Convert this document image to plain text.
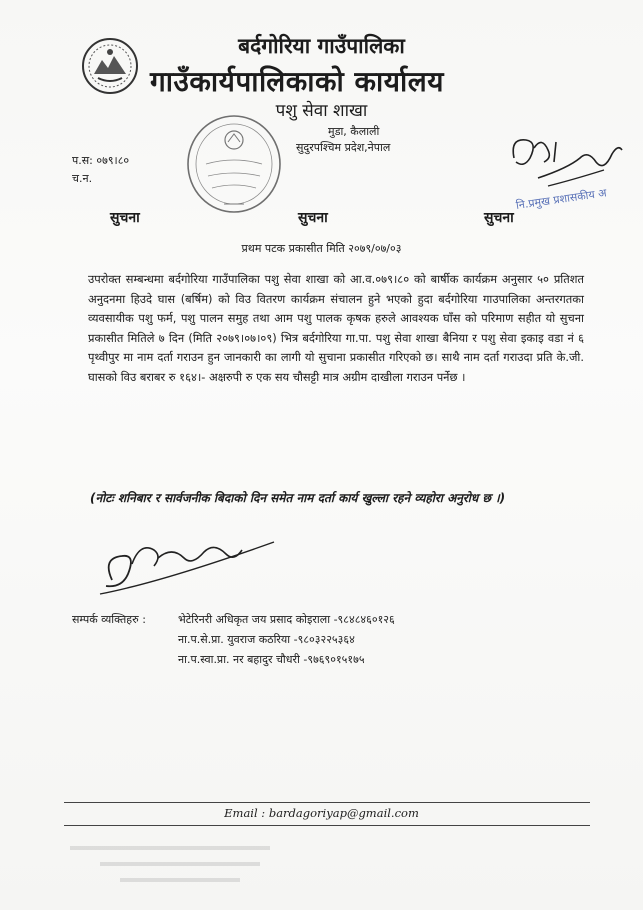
बर्दगोरिया गाउँपालिका
गाउँकार्यपालिकाको कार्यालय
पशु सेवा शाखा
मुडा, कैलाली
सुदुरपश्चिम प्रदेश,नेपाल
प.स: ०७९।८०
च.न.
सुचना	सुचना	सुचना
नि.प्रमुख प्रशासकीय अ
प्रथम पटक प्रकासीत मिति २०७९/०७/०३
उपरोक्त सम्बन्धमा बर्दगोरिया गाउँपालिका पशु सेवा शाखा को आ.व.०७९।८० को बार्षीक कार्यक्रम अनुसार ५० प्रतिशत अनुदनमा हिउदे घास (बर्षिम) को विउ वितरण कार्यक्रम संचालन हुने भएको हुदा बर्दगोरिया गाउपालिका अन्तरगतका व्यवसायीक पशु फर्म, पशु पालन समुह तथा आम पशु पालक कृषक हरुले आवश्यक घाँस को परिमाण सहीत यो सुचना प्रकासीत मितिले ७ दिन (मिति २०७९।०७।०९) भित्र बर्दगोरिया गा.पा. पशु सेवा शाखा बैनिया र पशु सेवा इकाइ वडा नं ६ पृथ्वीपुर मा नाम दर्ता गराउन हुन जानकारी का लागी यो सुचाना प्रकासीत गरिएको छ। साथै नाम दर्ता गराउदा प्रति के.जी. घासको विउ बराबर रु १६४।- अक्षरुपी रु एक सय चौसट्टी मात्र अग्रीम दाखीला गराउन पर्नेछ ।
(नोटः शनिबार र सार्वजनीक बिदाको दिन समेत नाम दर्ता कार्य खुल्ला रहने व्यहोरा अनुरोध छ ।)
सम्पर्क व्यक्तिहरु :	भेटेरिनरी अधिकृत जय प्रसाद कोइराला -९८४८४६०१२६
ना.प.से.प्रा. युवराज कठरिया -९८०३२२५३६४
ना.प.स्वा.प्रा. नर बहादुर चौधरी -९७६९०१५१७५
Email : bardagoriyap@gmail.com
